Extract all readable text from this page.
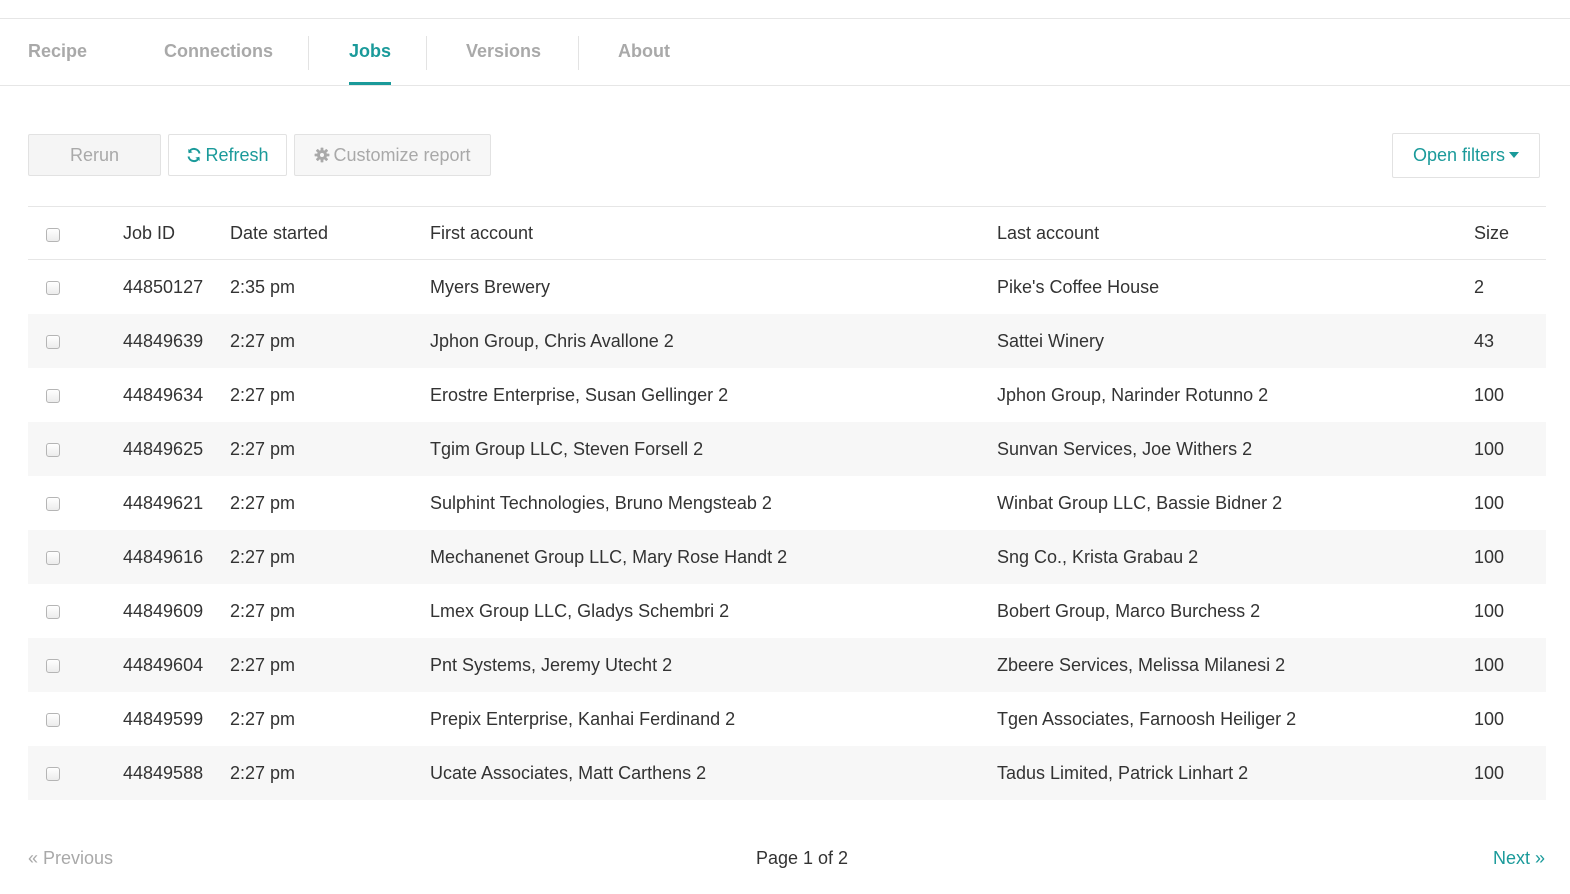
Recipe	Connections	Jobs	Versions	About
Rerun	Refresh	Customize report	Open filters
Job ID	Date started	First account	Last account	Size
44850127 2:35 pm	Myers Brewery	Pike's Coffee House	2
44849639 2:27 pm	Jphon Group, Chris Avallone 2	Sattei Winery	43
44849634 2:27 pm	Erostre Enterprise, Susan Gellinger 2	Jphon Group, Narinder Rotunno 2	100
44849625 2:27 pm	Tgim Group LLC, Steven Forsell 2	Sunvan Services, Joe Withers 2	100
44849621 2:27 pm	Sulphint Technologies, Bruno Mengsteab 2	Winbat Group LLC, Bassie Bidner 2	100
44849616 2:27 pm	Mechanenet Group LLC, Mary Rose Handt 2	Sng Co., Krista Grabau 2	100
44849609 2:27 pm	Lmex Group LLC, Gladys Schembri 2	Bobert Group, Marco Burchess 2	100
44849604 2:27 pm	Pnt Systems, Jeremy Utecht 2	Zbeere Services, Melissa Milanesi 2	100
44849599 2:27 pm	Prepix Enterprise, Kanhai Ferdinand 2	Tgen Associates, Farnoosh Heiliger 2	100
44849588 2:27 pm	Ucate Associates, Matt Carthens 2	Tadus Limited, Patrick Linhart 2	100
Page 1 of 2
« Previous	Next »
